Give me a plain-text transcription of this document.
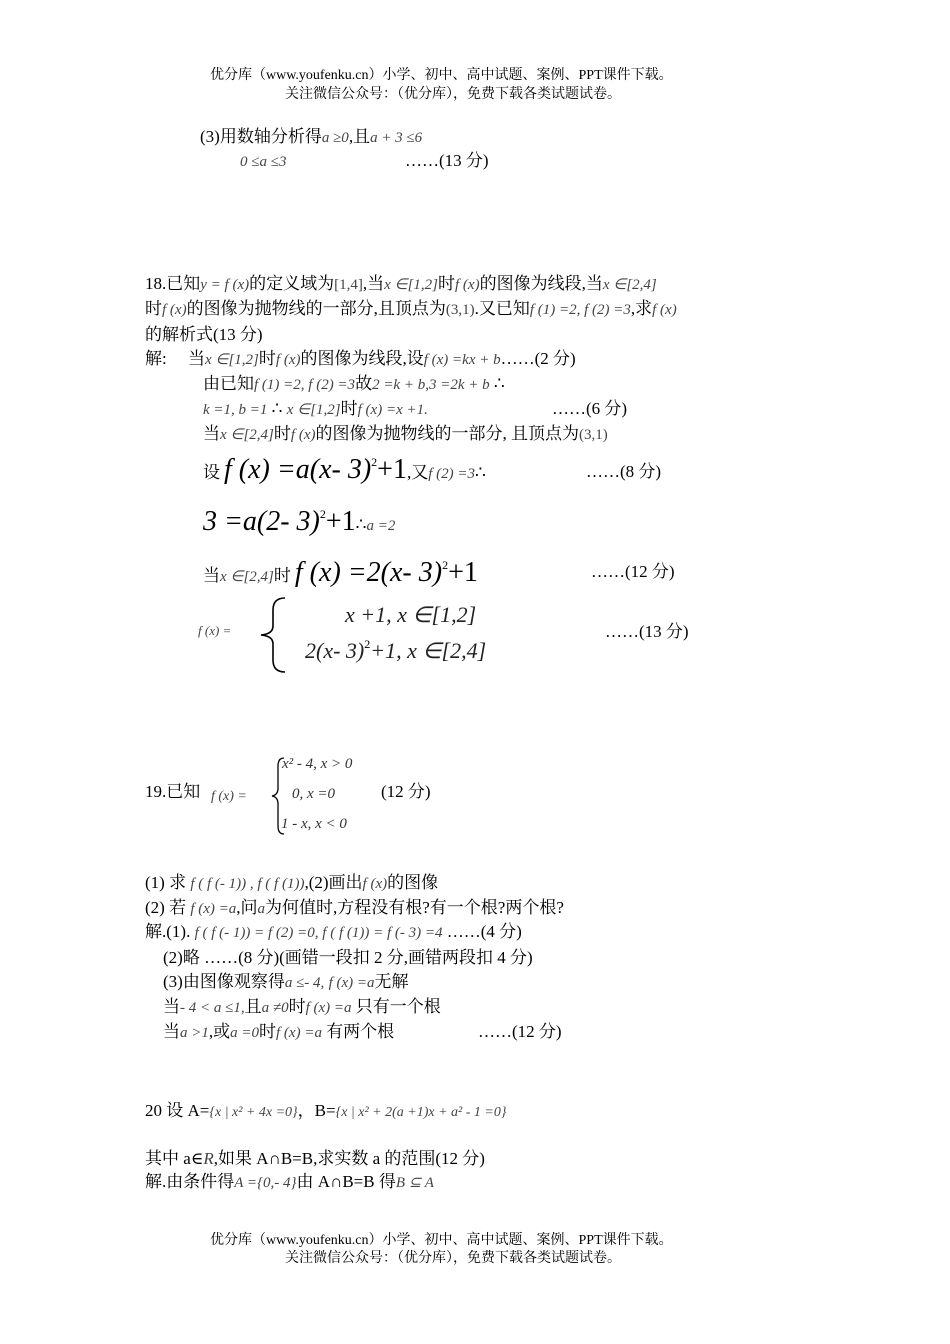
优分库（www.youfenku.cn）小学、初中、高中试题、案例、PPT课件下载。
关注微信公众号：（优分库），免费下载各类试题试卷。
(3)用数轴分析得a ≥0,且a + 3 ≤6
0 ≤a ≤3	……(13 分)
18.已知y = f (x)的定义域为[1,4],当x ∈[1,2]时f (x)的图像为线段,当x ∈[2,4]
时f (x)的图像为抛物线的一部分,且顶点为(3,1).又已知f (1) =2, f (2) =3,求f (x)
的解析式(13 分)
解: 当x ∈[1,2]时f (x)的图像为线段,设f (x) =kx + b……(2 分)
由已知f (1) =2, f (2) =3故2 =k + b,3 =2k + b ∴
k =1, b =1 ∴ x ∈[1,2]时f (x) =x +1.	……(6 分)
当x ∈[2,4]时f (x)的图像为抛物线的一部分, 且顶点为(3,1)
设 f (x) =a(x- 3)$^2$+1,又f (2) =3∴	……(8 分)
3 =a(2- 3)$^2$+1∴a =2
当x ∈[2,4]时 f (x) =2(x- 3)$^2$+1	……(12 分)
f (x) =
x +1, x ∈[1,2]
2(x- 3)$^2$+1, x ∈[2,4]
……(13 分)
19.已知 f (x) =
x² - 4, x > 0
0, x =0
1 - x, x < 0
(12 分)
(1) 求 f ( f (- 1)) , f ( f (1)),(2)画出f (x)的图像
(2) 若 f (x) =a,问a为何值时,方程没有根?有一个根?两个根?
解.(1). f ( f (- 1)) = f (2) =0, f ( f (1)) = f (- 3) =4 ……(4 分)
(2)略 ……(8 分)(画错一段扣 2 分,画错两段扣 4 分)
(3)由图像观察得a ≤- 4, f (x) =a无解
当- 4 < a ≤1,且a ≠0时f (x) =a 只有一个根
当a >1,或a =0时f (x) =a 有两个根	……(12 分)
20 设 A={x | x² + 4x =0}，B={x | x² + 2(a +1)x + a² - 1 =0}
其中 a∈R,如果 A∩B=B,求实数 a 的范围(12 分)
解.由条件得A ={0,- 4}由 A∩B=B 得B ⊆ A
优分库（www.youfenku.cn）小学、初中、高中试题、案例、PPT课件下载。
关注微信公众号：（优分库），免费下载各类试题试卷。
